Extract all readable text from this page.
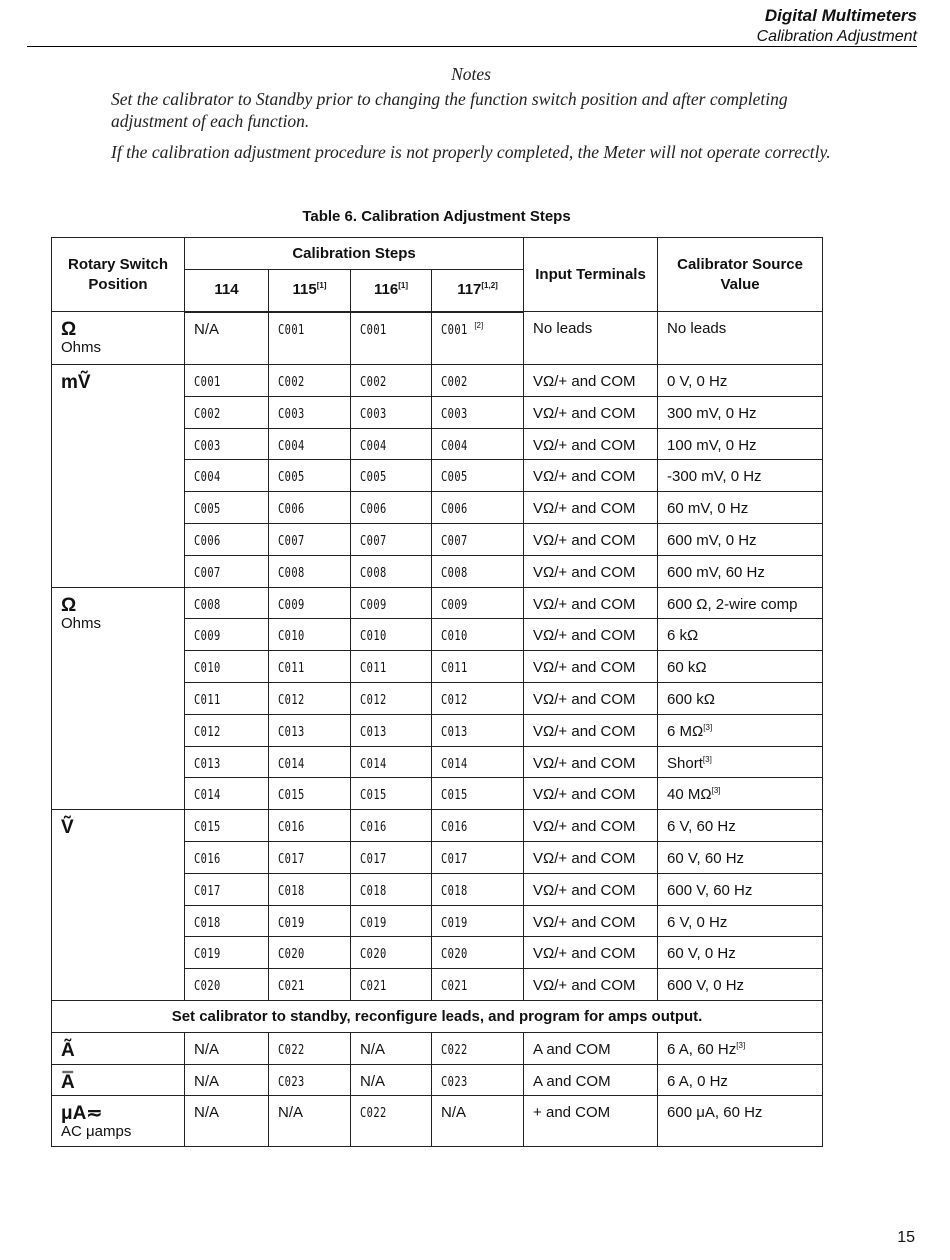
Digital Multimeters
Calibration Adjustment
Notes

Set the calibrator to Standby prior to changing the function switch position and after completing adjustment of each function.

If the calibration adjustment procedure is not properly completed, the Meter will not operate correctly.

Table 6. Calibration Adjustment Steps
Rotary Switch Position	Calibration Steps				Input Terminals	Calibrator Source Value
	114	115[1]	116[1]	117[1,2]

Ω
Ohms	N/A	C001	C001	C001 [2]	No leads	No leads

mṼ	C001	C002	C002	C002	VΩ/+ and COM	0 V, 0 Hz
	C002	C003	C003	C003	VΩ/+ and COM	300 mV, 0 Hz
	C003	C004	C004	C004	VΩ/+ and COM	100 mV, 0 Hz
	C004	C005	C005	C005	VΩ/+ and COM	-300 mV, 0 Hz
	C005	C006	C006	C006	VΩ/+ and COM	60 mV, 0 Hz
	C006	C007	C007	C007	VΩ/+ and COM	600 mV, 0 Hz
	C007	C008	C008	C008	VΩ/+ and COM	600 mV, 60 Hz

Ω
Ohms	C008	C009	C009	C009	VΩ/+ and COM	600 Ω, 2-wire comp
	C009	C010	C010	C010	VΩ/+ and COM	6 kΩ
	C010	C011	C011	C011	VΩ/+ and COM	60 kΩ
	C011	C012	C012	C012	VΩ/+ and COM	600 kΩ
	C012	C013	C013	C013	VΩ/+ and COM	6 MΩ[3]
	C013	C014	C014	C014	VΩ/+ and COM	Short[3]
	C014	C015	C015	C015	VΩ/+ and COM	40 MΩ[3]

Ṽ	C015	C016	C016	C016	VΩ/+ and COM	6 V, 60 Hz
	C016	C017	C017	C017	VΩ/+ and COM	60 V, 60 Hz
	C017	C018	C018	C018	VΩ/+ and COM	600 V, 60 Hz
	C018	C019	C019	C019	VΩ/+ and COM	6 V, 0 Hz
	C019	C020	C020	C020	VΩ/+ and COM	60 V, 0 Hz
	C020	C021	C021	C021	VΩ/+ and COM	600 V, 0 Hz
Set calibrator to standby, reconfigure leads, and program for amps output.						

Ã	N/A	C022	N/A	C022	A and COM	6 A, 60 Hz[3]

A̿	N/A	C023	N/A	C023	A and COM	6 A, 0 Hz

μA≂
AC μamps	N/A	N/A	C022	N/A	+ and COM	600 μA, 60 Hz
15
